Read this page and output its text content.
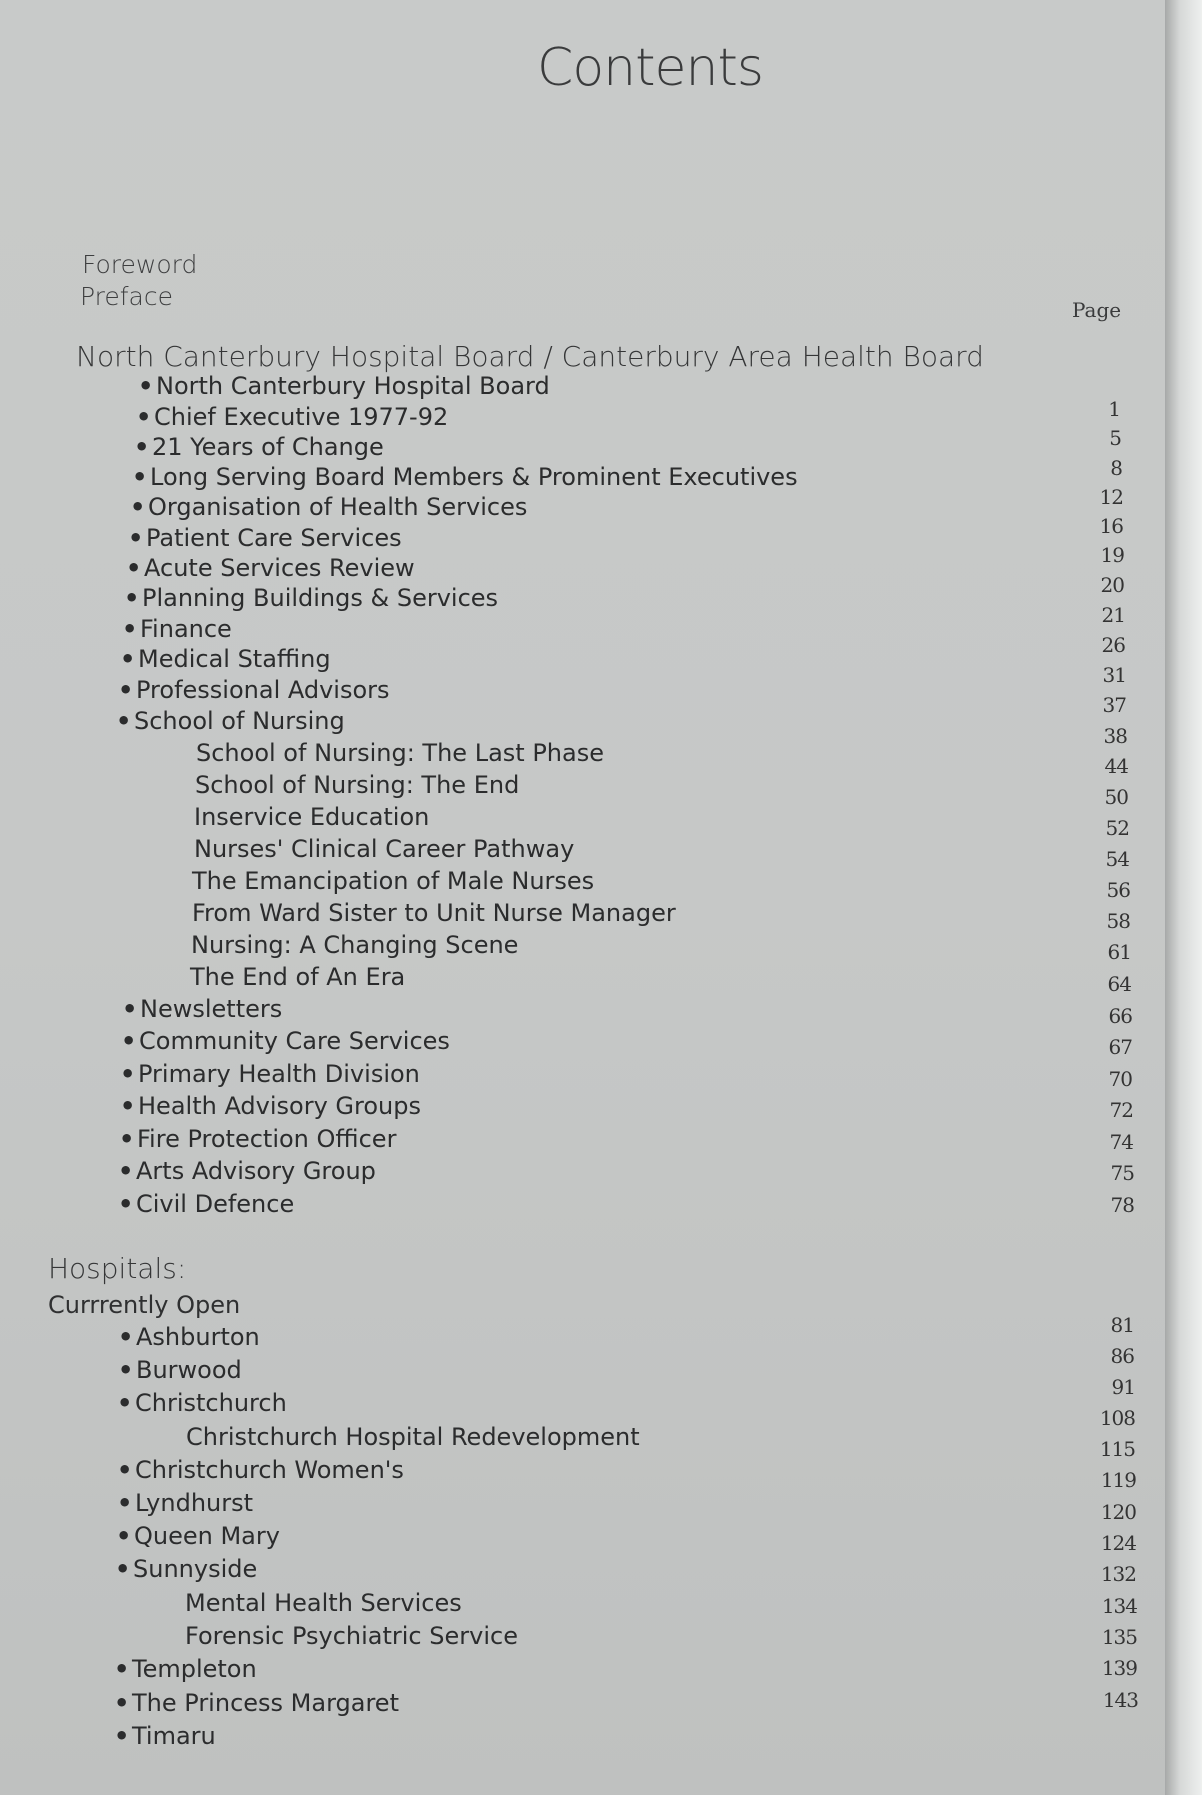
Contents
Foreword
Preface	Page
North Canterbury Hospital Board / Canterbury Area Health Board
• North Canterbury Hospital Board
• Chief Executive 1977-92
• 21 Years of Change
• Long Serving Board Members & Prominent Executives
• Organisation of Health Services
• Patient Care Services
• Acute Services Review
• Planning Buildings & Services
• Finance
• Medical Staffing
• Professional Advisors
• School of Nursing
School of Nursing: The Last Phase
School of Nursing: The End
Inservice Education
Nurses' Clinical Career Pathway
The Emancipation of Male Nurses
From Ward Sister to Unit Nurse Manager
Nursing: A Changing Scene
The End of An Era
• Newsletters
• Community Care Services
• Primary Health Division
• Health Advisory Groups
• Fire Protection Officer
• Arts Advisory Group
• Civil Defence
1
5
8
12
16
19
20
21
26
31
37
38
44
50
52
54
56
58
61
64
66
67
70
72
74
75
78
Hospitals:
Currrently Open
• Ashburton
• Burwood
• Christchurch
Christchurch Hospital Redevelopment
• Christchurch Women's
• Lyndhurst
• Queen Mary
• Sunnyside
Mental Health Services
Forensic Psychiatric Service
• Templeton
• The Princess Margaret
• Timaru
81
86
91
108
115
119
120
124
132
134
135
139
143
